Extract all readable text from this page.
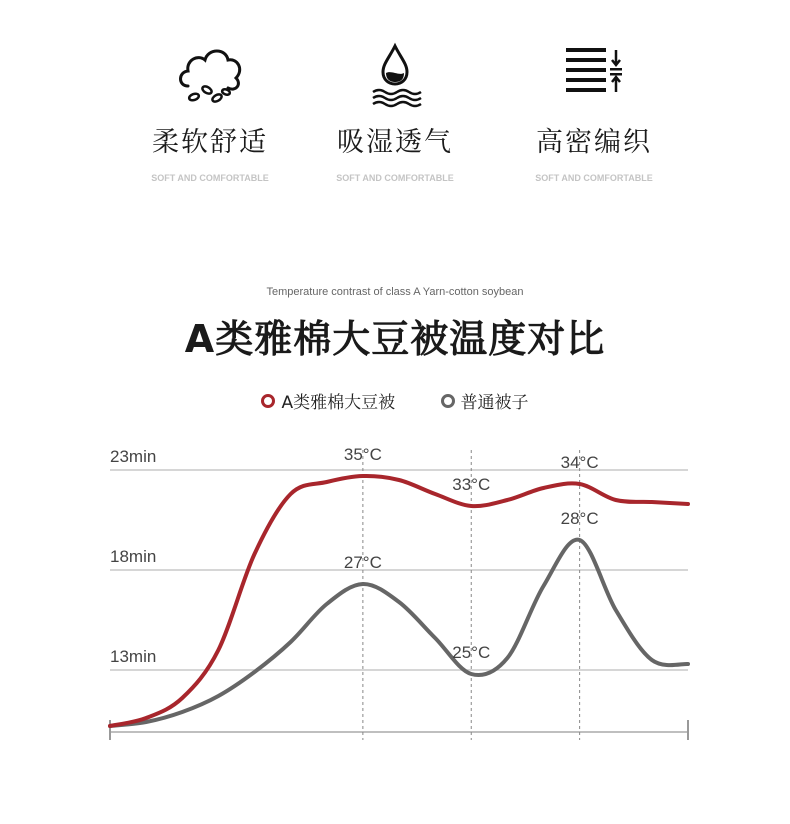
柔软舒适
SOFT AND COMFORTABLE
吸湿透气
SOFT AND COMFORTABLE
高密编织
SOFT AND COMFORTABLE
Temperature contrast of class A Yarn-cotton soybean
A类雅棉大豆被温度对比
A类雅棉大豆被	普通被子
23min
18min
13min
35°C
33°C
34°C
27°C
25°C
28°C
